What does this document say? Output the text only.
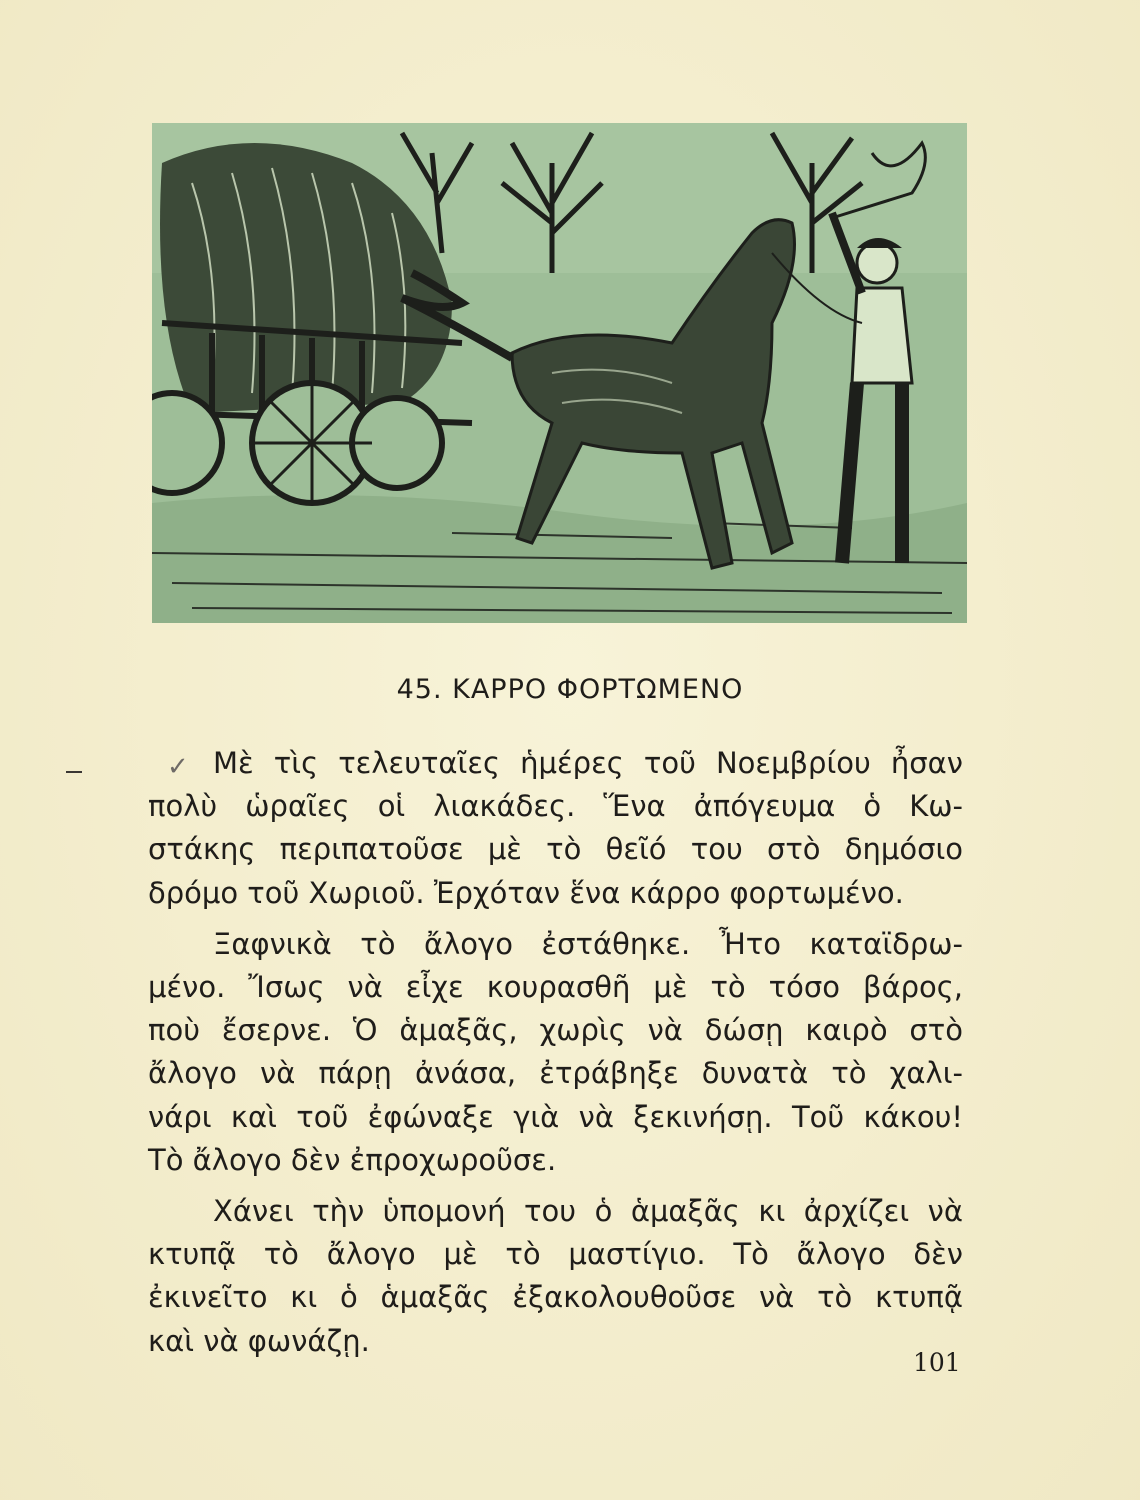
45. ΚΑΡΡΟ ΦΟΡΤΩΜΕΝΟ
✓ Μὲ τὶς τελευταῖες ἡμέρες τοῦ Νοεμβρίου ἦσαν
πολὺ ὡραῖες οἱ λιακάδες. Ἕνα ἀπόγευμα ὁ Κω-
στάκης περιπατοῦσε μὲ τὸ θεῖό του στὸ δημόσιο
δρόμο τοῦ Χωριοῦ. Ἐρχόταν ἕνα κάρρο φορτωμένο.
Ξαφνικὰ τὸ ἄλογο ἐστάθηκε. Ἦτο καταϊδρω-
μένο. Ἴσως νὰ εἶχε κουρασθῆ μὲ τὸ τόσο βάρος,
ποὺ ἔσερνε. Ὁ ἁμαξᾶς, χωρὶς νὰ δώσῃ καιρὸ στὸ
ἄλογο νὰ πάρῃ ἀνάσα, ἐτράβηξε δυνατὰ τὸ χαλι-
νάρι καὶ τοῦ ἐφώναξε γιὰ νὰ ξεκινήσῃ. Τοῦ κάκου!
Τὸ ἄλογο δὲν ἐπροχωροῦσε.
Χάνει τὴν ὑπομονή του ὁ ἁμαξᾶς κι ἀρχίζει νὰ
κτυπᾷ τὸ ἄλογο μὲ τὸ μαστίγιο. Τὸ ἄλογο δὲν
ἐκινεῖτο κι ὁ ἁμαξᾶς ἐξακολουθοῦσε νὰ τὸ κτυπᾷ
καὶ νὰ φωνάζῃ.
101
